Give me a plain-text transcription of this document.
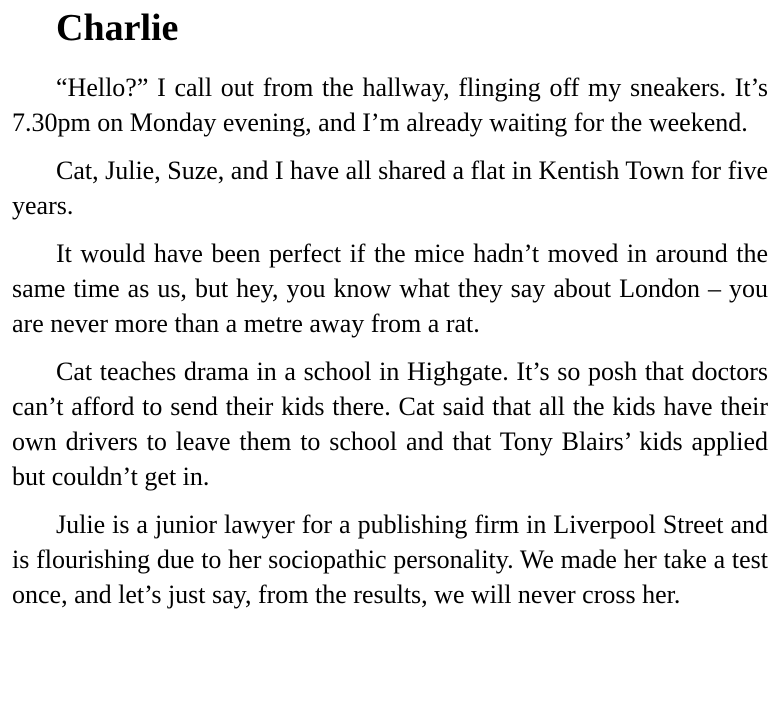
Charlie

“Hello?” I call out from the hallway, flinging off my sneakers. It’s 7.30pm on Monday evening, and I’m already waiting for the weekend.

Cat, Julie, Suze, and I have all shared a flat in Kentish Town for five years.

It would have been perfect if the mice hadn’t moved in around the same time as us, but hey, you know what they say about London – you are never more than a metre away from a rat.

Cat teaches drama in a school in Highgate. It’s so posh that doctors can’t afford to send their kids there. Cat said that all the kids have their own drivers to leave them to school and that Tony Blairs’ kids applied but couldn’t get in.

Julie is a junior lawyer for a publishing firm in Liverpool Street and is flourishing due to her sociopathic personality. We made her take a test once, and let’s just say, from the results, we will never cross her.
